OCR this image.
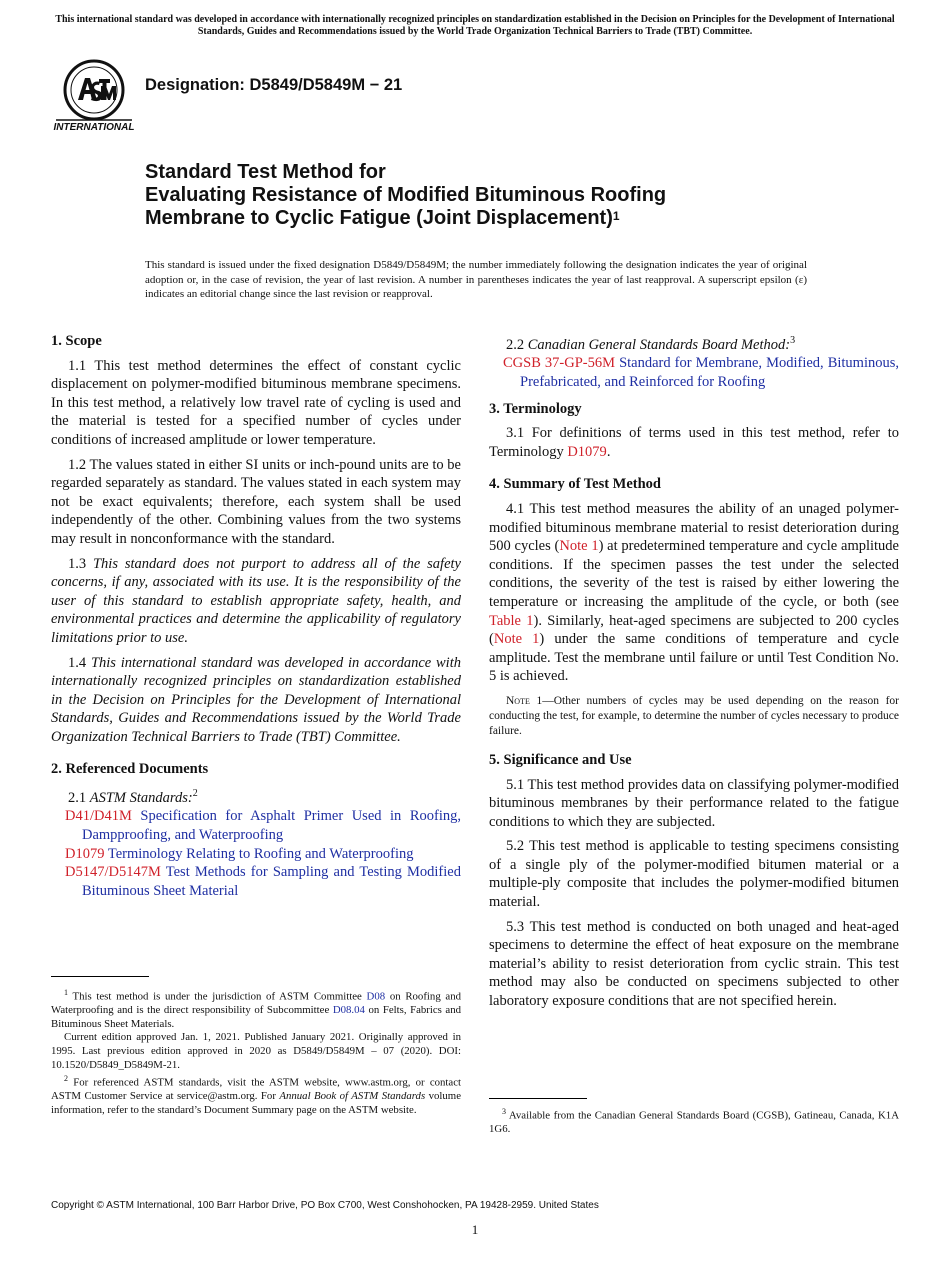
This international standard was developed in accordance with internationally recognized principles on standardization established in the Decision on Principles for the Development of International Standards, Guides and Recommendations issued by the World Trade Organization Technical Barriers to Trade (TBT) Committee.
INTERNATIONAL
Designation: D5849/D5849M − 21
Standard Test Method for
Evaluating Resistance of Modified Bituminous Roofing
Membrane to Cyclic Fatigue (Joint Displacement)$^1$
This standard is issued under the fixed designation D5849/D5849M; the number immediately following the designation indicates the year of original adoption or, in the case of revision, the year of last revision. A number in parentheses indicates the year of last reapproval. A superscript epsilon (ε) indicates an editorial change since the last revision or reapproval.
1. Scope
1.1 This test method determines the effect of constant cyclic displacement on polymer-modified bituminous membrane specimens. In this test method, a relatively low travel rate of cycling is used and the material is tested for a specified number of cycles under conditions of increased amplitude or lower temperature.
1.2 The values stated in either SI units or inch-pound units are to be regarded separately as standard. The values stated in each system may not be exact equivalents; therefore, each system shall be used independently of the other. Combining values from the two systems may result in nonconformance with the standard.
1.3 This standard does not purport to address all of the safety concerns, if any, associated with its use. It is the responsibility of the user of this standard to establish appropriate safety, health, and environmental practices and determine the applicability of regulatory limitations prior to use.
1.4 This international standard was developed in accordance with internationally recognized principles on standardization established in the Decision on Principles for the Development of International Standards, Guides and Recommendations issued by the World Trade Organization Technical Barriers to Trade (TBT) Committee.
2. Referenced Documents
2.1 ASTM Standards:$^2$
D41/D41M Specification for Asphalt Primer Used in Roofing, Dampproofing, and Waterproofing
D1079 Terminology Relating to Roofing and Waterproofing
D5147/D5147M Test Methods for Sampling and Testing Modified Bituminous Sheet Material

$^1$ This test method is under the jurisdiction of ASTM Committee D08 on Roofing and Waterproofing and is the direct responsibility of Subcommittee D08.04 on Felts, Fabrics and Bituminous Sheet Materials.

Current edition approved Jan. 1, 2021. Published January 2021. Originally approved in 1995. Last previous edition approved in 2020 as D5849/D5849M – 07 (2020). DOI: 10.1520/D5849_D5849M-21.

$^2$ For referenced ASTM standards, visit the ASTM website, www.astm.org, or contact ASTM Customer Service at service@astm.org. For Annual Book of ASTM Standards volume information, refer to the standard’s Document Summary page on the ASTM website.

2.2 Canadian General Standards Board Method:$^3$
CGSB 37-GP-56M Standard for Membrane, Modified, Bituminous, Prefabricated, and Reinforced for Roofing
3. Terminology
3.1 For definitions of terms used in this test method, refer to Terminology D1079.
4. Summary of Test Method
4.1 This test method measures the ability of an unaged polymer-modified bituminous membrane material to resist deterioration during 500 cycles (Note 1) at predetermined temperature and cycle amplitude conditions. If the specimen passes the test under the selected conditions, the severity of the test is raised by either lowering the temperature or increasing the amplitude of the cycle, or both (see Table 1). Similarly, heat-aged specimens are subjected to 200 cycles (Note 1) under the same conditions of temperature and cycle amplitude. Test the membrane until failure or until Test Condition No. 5 is achieved.
Note 1—Other numbers of cycles may be used depending on the reason for conducting the test, for example, to determine the number of cycles necessary to produce failure.
5. Significance and Use
5.1 This test method provides data on classifying polymer-modified bituminous membranes by their performance related to the fatigue conditions to which they are subjected.
5.2 This test method is applicable to testing specimens consisting of a single ply of the polymer-modified bitumen material or a multiple-ply composite that includes the polymer-modified bitumen material.
5.3 This test method is conducted on both unaged and heat-aged specimens to determine the effect of heat exposure on the membrane material’s ability to resist deterioration from cyclic strain. This test method may also be conducted on specimens subjected to other laboratory exposure conditions that are not specified herein.

$^3$ Available from the Canadian General Standards Board (CGSB), Gatineau, Canada, K1A 1G6.

Copyright © ASTM International, 100 Barr Harbor Drive, PO Box C700, West Conshohocken, PA 19428-2959. United States
1
